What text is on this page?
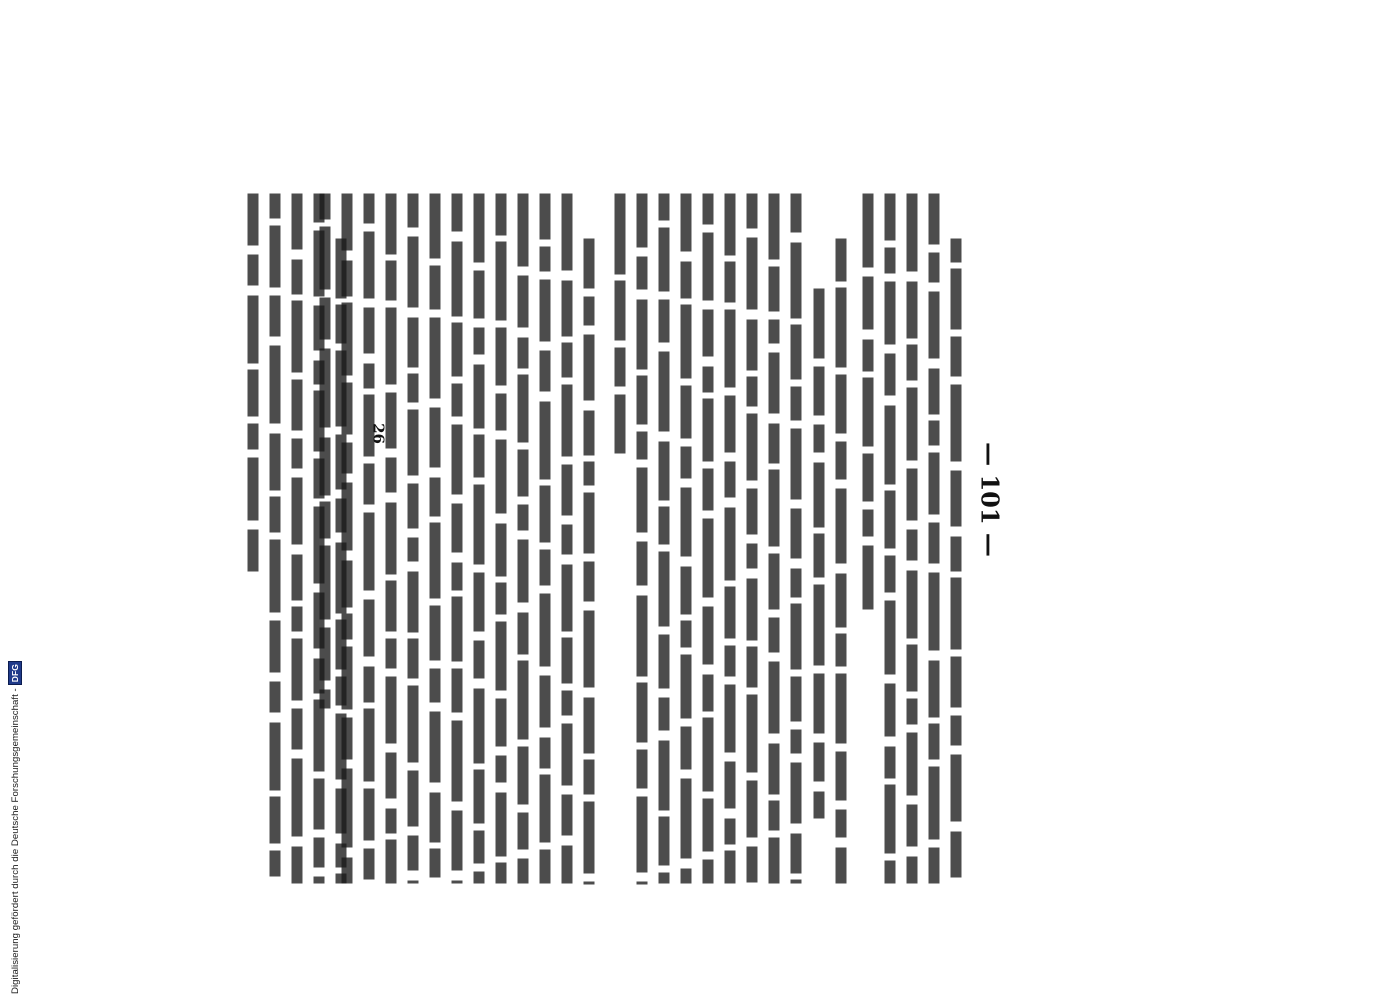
— 101 —
26
Digitalisierung gefördert durch die Deutsche Forschungsgemeinschaft -
DFG
